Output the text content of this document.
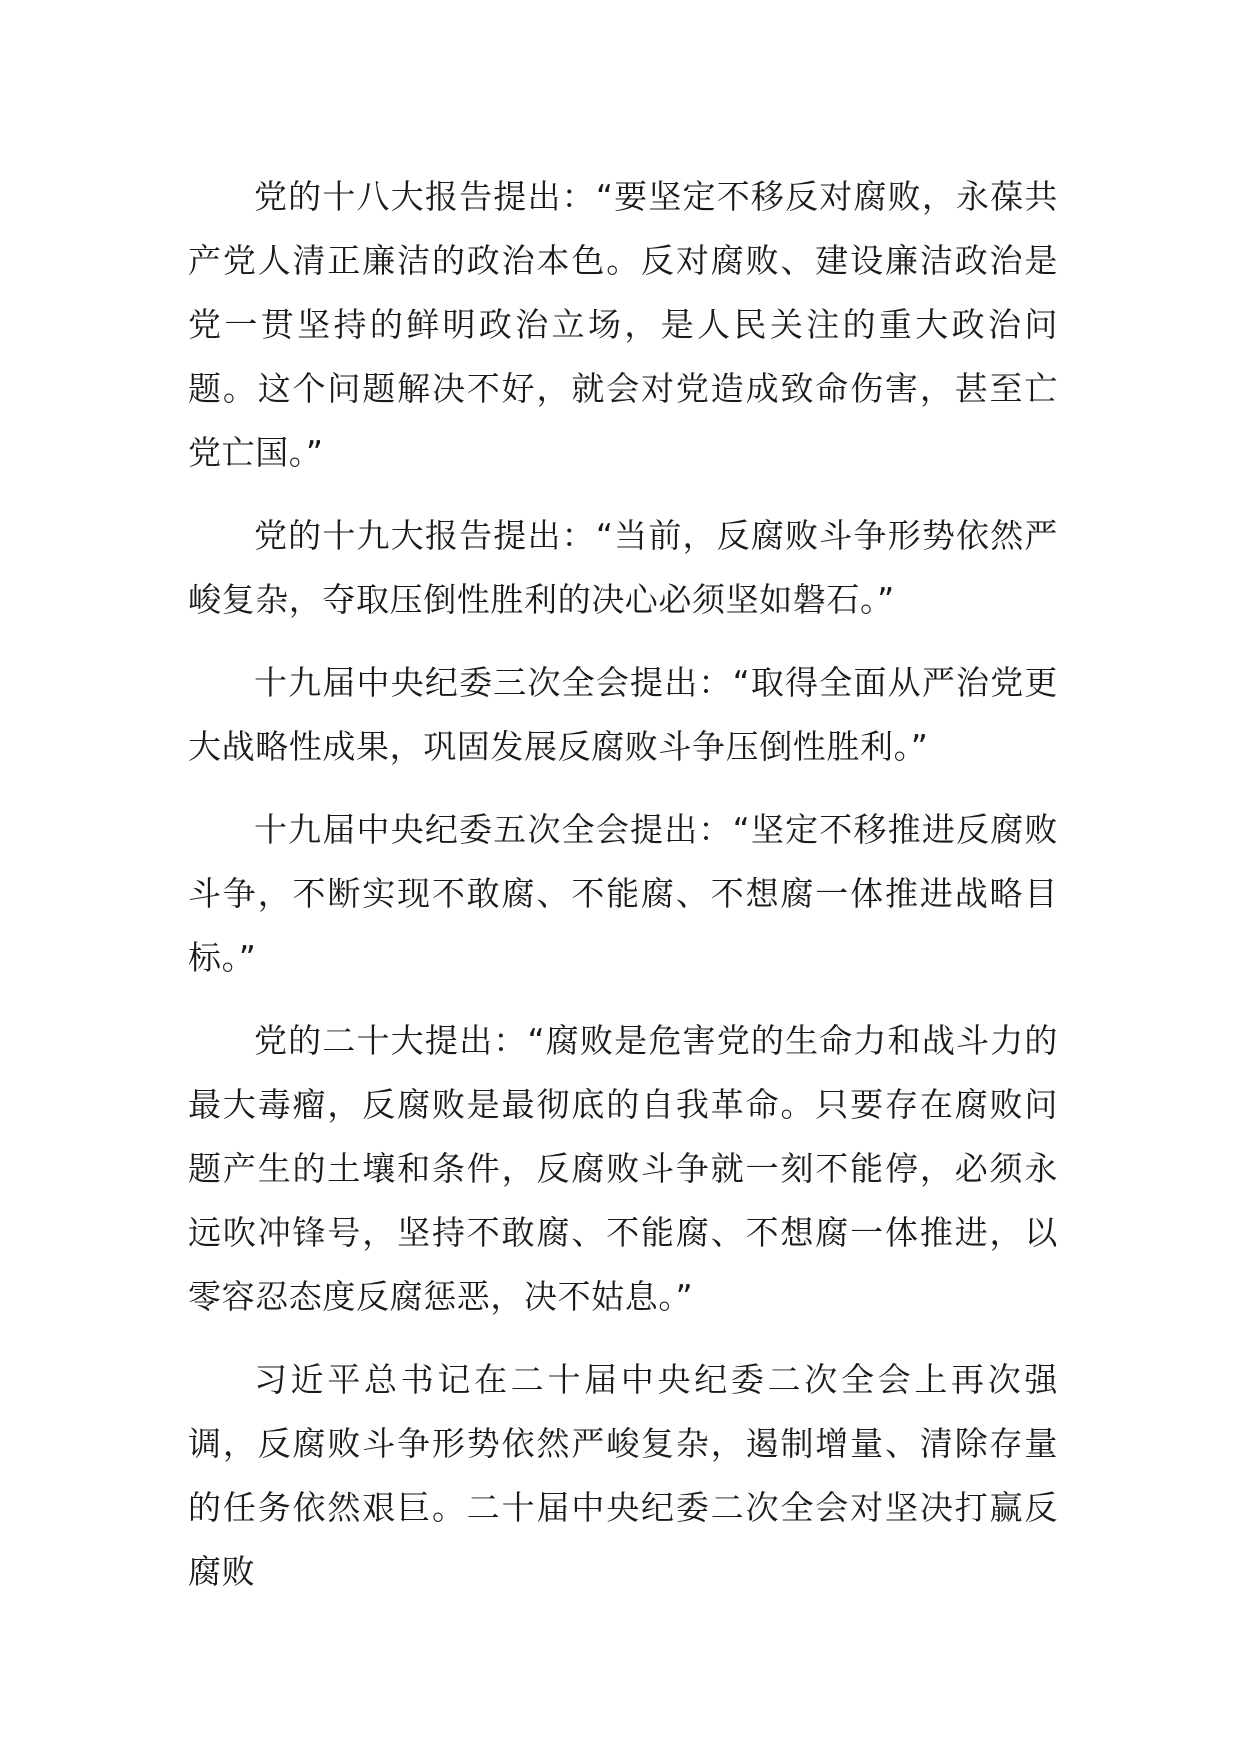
党的十八大报告提出：“要坚定不移反对腐败，永葆共产党人清正廉洁的政治本色。反对腐败、建设廉洁政治是党一贯坚持的鲜明政治立场，是人民关注的重大政治问题。这个问题解决不好，就会对党造成致命伤害，甚至亡党亡国。”

党的十九大报告提出：“当前，反腐败斗争形势依然严峻复杂，夺取压倒性胜利的决心必须坚如磐石。”

十九届中央纪委三次全会提出：“取得全面从严治党更大战略性成果，巩固发展反腐败斗争压倒性胜利。”

十九届中央纪委五次全会提出：“坚定不移推进反腐败斗争，不断实现不敢腐、不能腐、不想腐一体推进战略目标。”

党的二十大提出：“腐败是危害党的生命力和战斗力的最大毒瘤，反腐败是最彻底的自我革命。只要存在腐败问题产生的土壤和条件，反腐败斗争就一刻不能停，必须永远吹冲锋号，坚持不敢腐、不能腐、不想腐一体推进，以零容忍态度反腐惩恶，决不姑息。”

习近平总书记在二十届中央纪委二次全会上再次强调，反腐败斗争形势依然严峻复杂，遏制增量、清除存量的任务依然艰巨。二十届中央纪委二次全会对坚决打赢反腐败
